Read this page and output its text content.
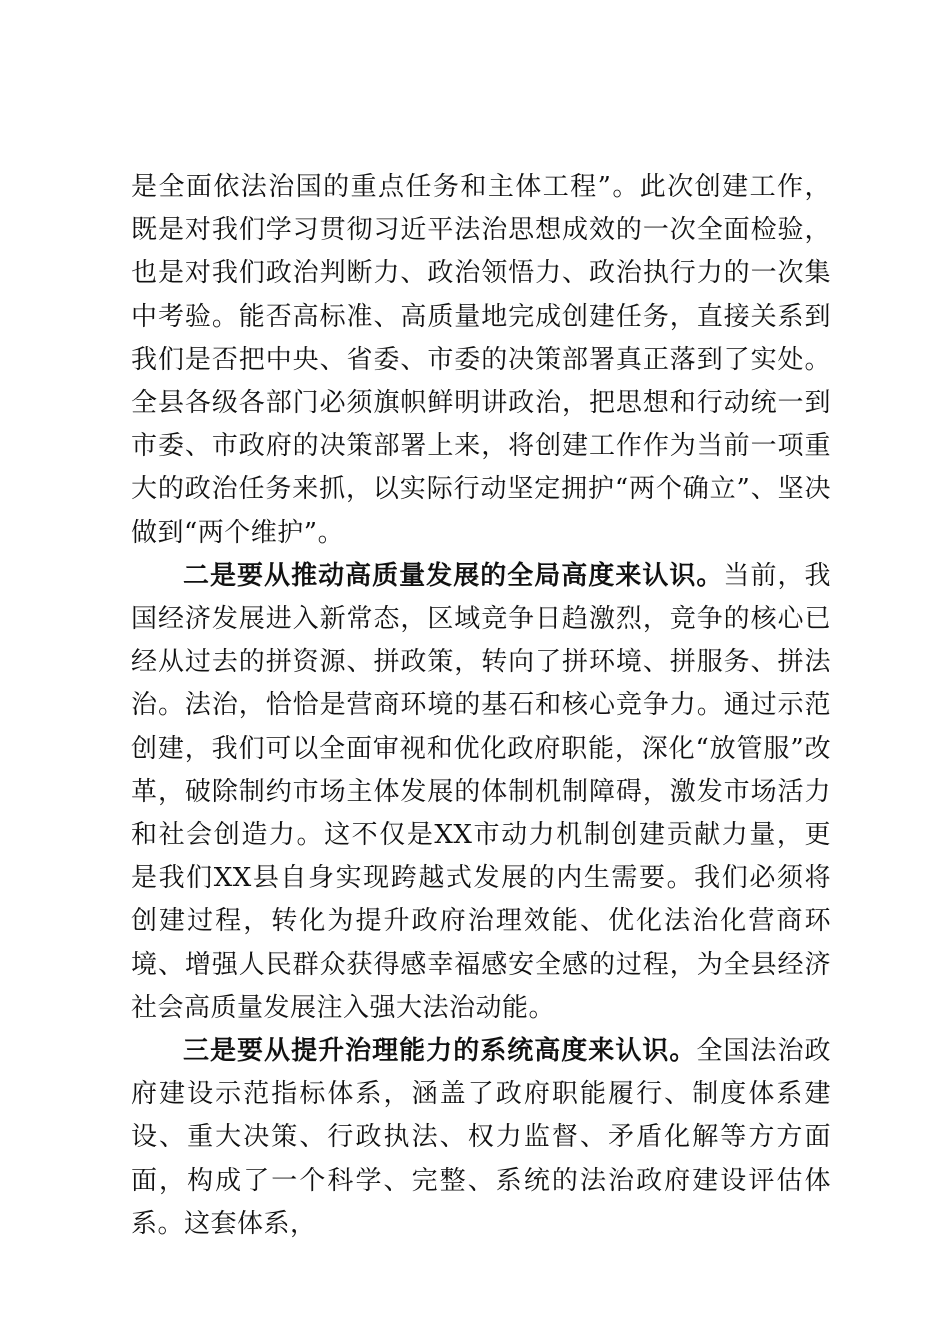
是全面依法治国的重点任务和主体工程”。此次创建工作，既是对我们学习贯彻习近平法治思想成效的一次全面检验，也是对我们政治判断力、政治领悟力、政治执行力的一次集中考验。能否高标准、高质量地完成创建任务，直接关系到我们是否把中央、省委、市委的决策部署真正落到了实处。全县各级各部门必须旗帜鲜明讲政治，把思想和行动统一到市委、市政府的决策部署上来，将创建工作作为当前一项重大的政治任务来抓，以实际行动坚定拥护“两个确立”、坚决做到“两个维护”。

二是要从推动高质量发展的全局高度来认识。当前，我国经济发展进入新常态，区域竞争日趋激烈，竞争的核心已经从过去的拼资源、拼政策，转向了拼环境、拼服务、拼法治。法治，恰恰是营商环境的基石和核心竞争力。通过示范创建，我们可以全面审视和优化政府职能，深化“放管服”改革，破除制约市场主体发展的体制机制障碍，激发市场活力和社会创造力。这不仅是XX市动力机制创建贡献力量，更是我们XX县自身实现跨越式发展的内生需要。我们必须将创建过程，转化为提升政府治理效能、优化法治化营商环境、增强人民群众获得感幸福感安全感的过程，为全县经济社会高质量发展注入强大法治动能。

三是要从提升治理能力的系统高度来认识。全国法治政府建设示范指标体系，涵盖了政府职能履行、制度体系建设、重大决策、行政执法、权力监督、矛盾化解等方方面面，构成了一个科学、完整、系统的法治政府建设评估体系。这套体系，
